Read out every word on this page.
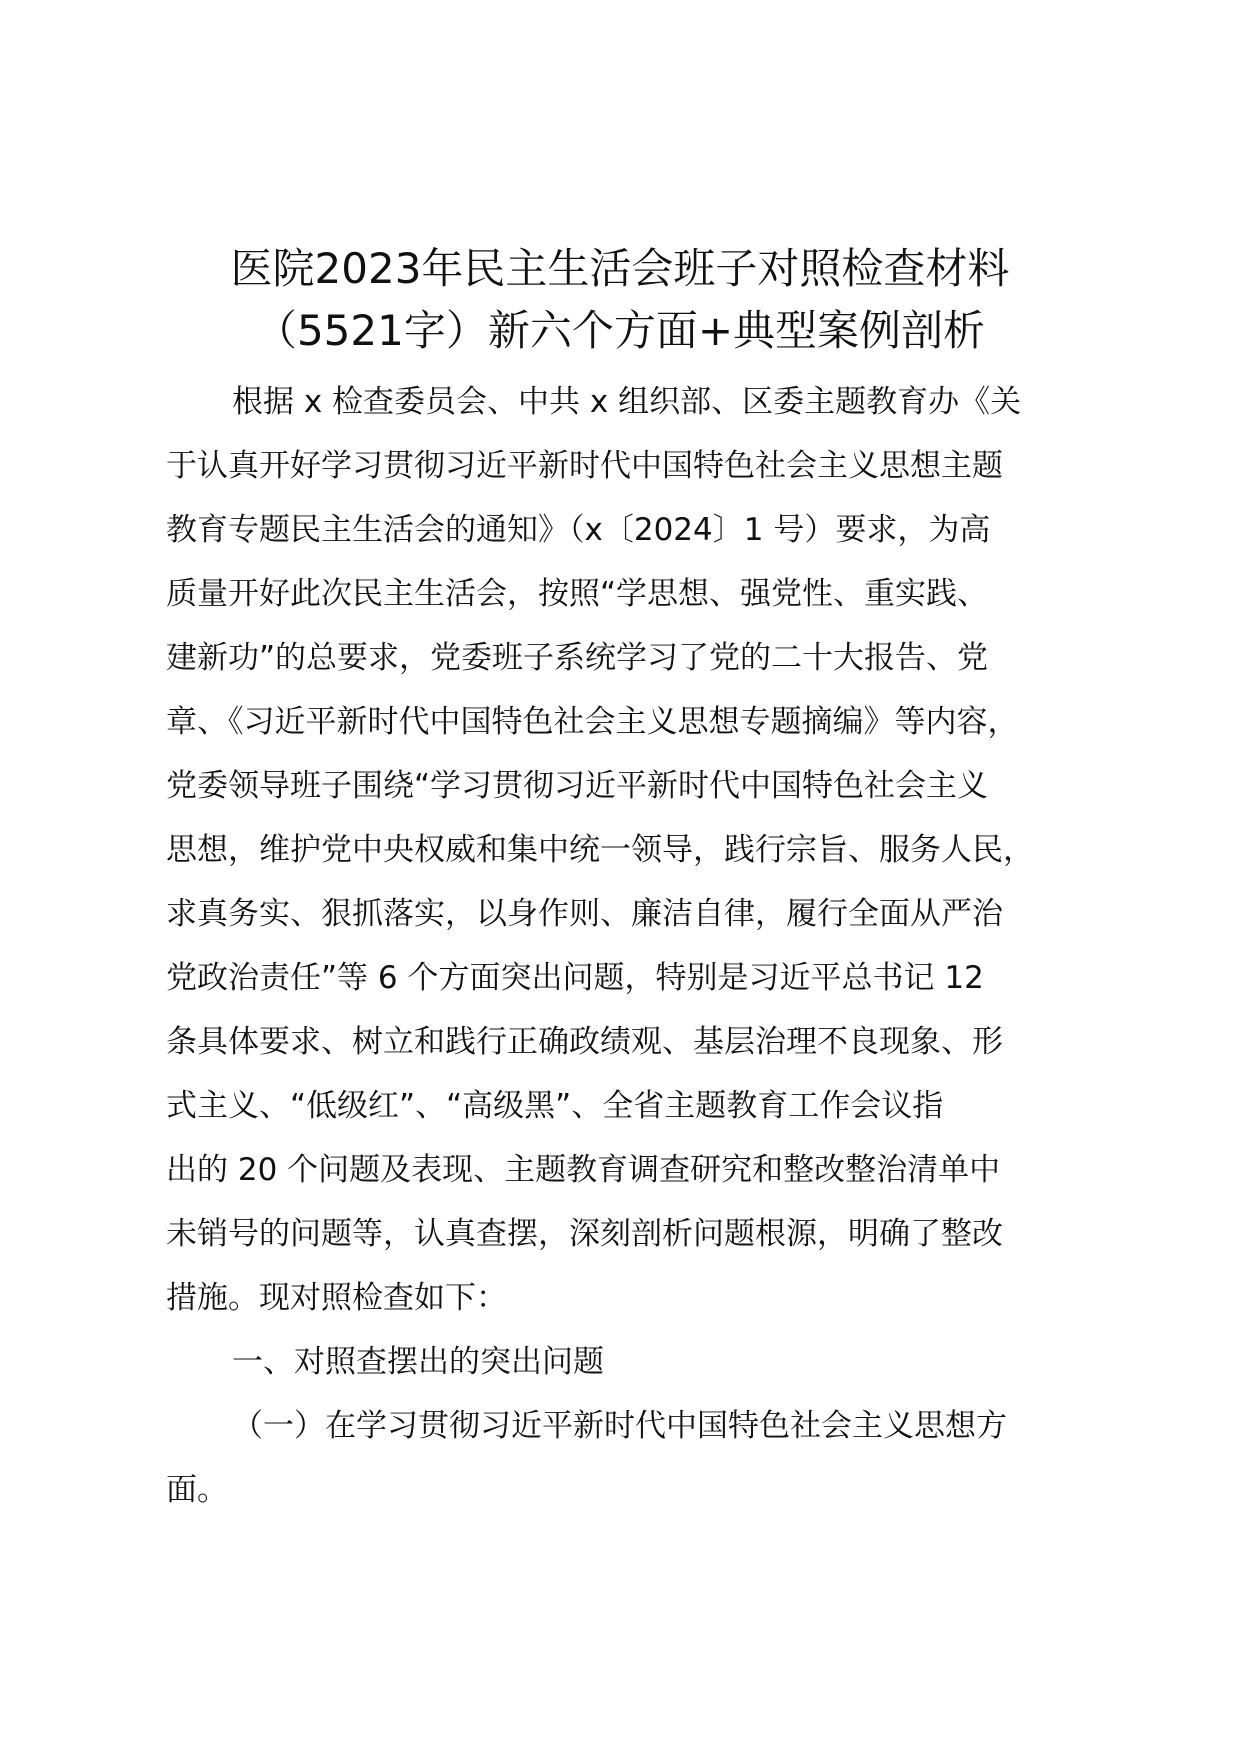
医院2023年民主生活会班子对照检查材料
（5521字）新六个方面+典型案例剖析
根据 x 检查委员会、中共 x 组织部、区委主题教育办《关
于认真开好学习贯彻习近平新时代中国特色社会主义思想主题
教育专题民主生活会的通知》（x〔2024〕1 号）要求，为高
质量开好此次民主生活会，按照“学思想、强党性、重实践、
建新功”的总要求，党委班子系统学习了党的二十大报告、党
章、《习近平新时代中国特色社会主义思想专题摘编》等内容，
党委领导班子围绕“学习贯彻习近平新时代中国特色社会主义
思想，维护党中央权威和集中统一领导，践行宗旨、服务人民，
求真务实、狠抓落实，以身作则、廉洁自律，履行全面从严治
党政治责任”等 6 个方面突出问题，特别是习近平总书记 12
条具体要求、树立和践行正确政绩观、基层治理不良现象、形
式主义、“低级红”、“高级黑”、全省主题教育工作会议指
出的 20 个问题及表现、主题教育调查研究和整改整治清单中
未销号的问题等，认真查摆，深刻剖析问题根源，明确了整改
措施。现对照检查如下：
一、对照查摆出的突出问题
（一）在学习贯彻习近平新时代中国特色社会主义思想方
面。
